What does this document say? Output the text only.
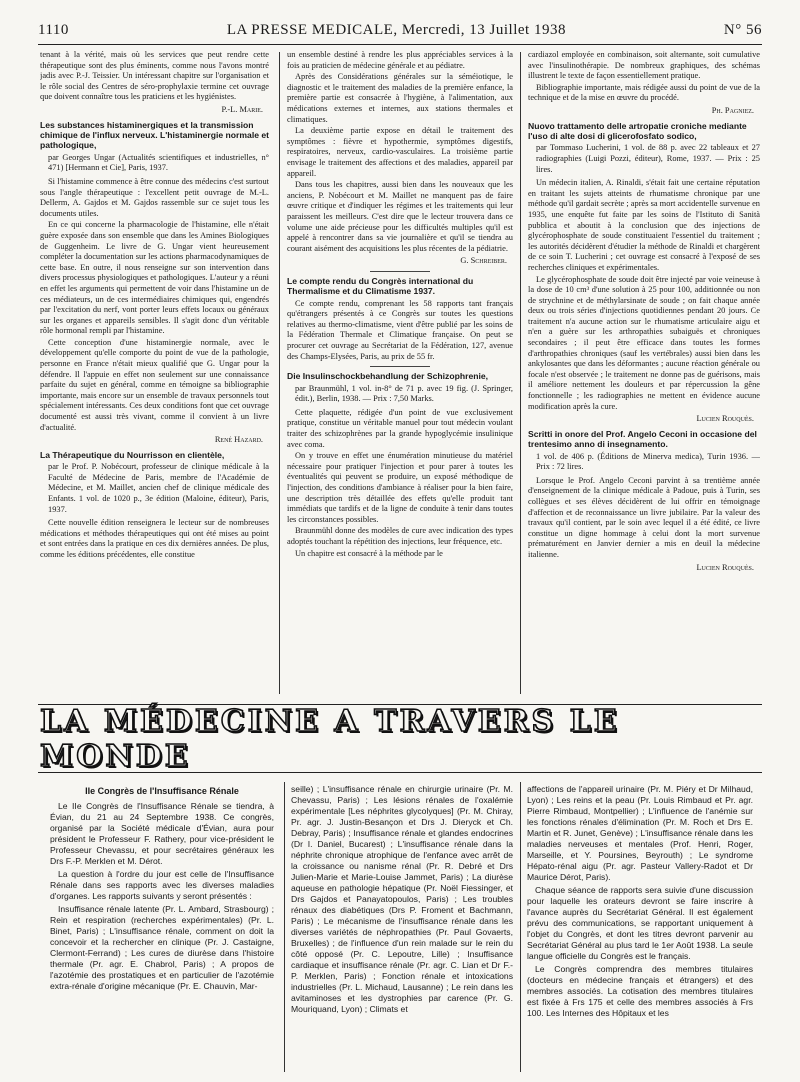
1110	LA PRESSE MEDICALE, Mercredi, 13 Juillet 1938	N° 56

tenant à la vérité, mais où les services que peut rendre cette thérapeutique sont des plus éminents, comme nous l'avons montré jadis avec P.-J. Teissier. Un intéressant chapitre sur l'organisation et le rôle social des Centres de séro-prophylaxie termine cet ouvrage que doivent connaître tous les praticiens et les hygiénistes.

P.-L. Marie.

Les substances histaminergiques et la transmission chimique de l'influx nerveux. L'histaminergie normale et pathologique,

par Georges Ungar (Actualités scientifiques et industrielles, n° 471) [Hermann et Cie], Paris, 1937.

Si l'histamine commence à être connue des médecins c'est surtout sous l'angle thérapeutique : l'excellent petit ouvrage de M.-L. Dellerm, A. Gajdos et M. Gajdos rassemble sur ce sujet tous les documents utiles.

En ce qui concerne la pharmacologie de l'histamine, elle n'était guère exposée dans son ensemble que dans les Amines Biologiques de Guggenheim. Le livre de G. Ungar vient heureusement compléter la documentation sur les actions pharmacodynamiques de cette base. En outre, il nous renseigne sur son intervention dans divers processus physiologiques et pathologiques. L'auteur y a réuni en effet les arguments qui permettent de voir dans l'histamine un de ces médiateurs, un de ces intermédiaires chimiques qui, engendrés par l'excitation du nerf, vont porter leurs effets locaux ou généraux sur les organes et appareils sensibles. Il s'agit donc d'un véritable rôle hormonal rempli par l'histamine.

Cette conception d'une histaminergie normale, avec le développement qu'elle comporte du point de vue de la pathologie, personne en France n'était mieux qualifié que G. Ungar pour la défendre. Il l'appuie en effet non seulement sur une connaissance parfaite du sujet en général, comme en témoigne sa bibliographie importante, mais encore sur un ensemble de travaux personnels tout spécialement intéressants. Ces deux conditions font que cet ouvrage documenté est aussi très vivant, comme il convient à un livre d'actualité.

René Hazard.

La Thérapeutique du Nourrisson en clientèle,

par le Prof. P. Nobécourt, professeur de clinique médicale à la Faculté de Médecine de Paris, membre de l'Académie de Médecine, et M. Maillet, ancien chef de clinique médicale des Enfants. 1 vol. de 1020 p., 3e édition (Maloine, éditeur), Paris, 1937.

Cette nouvelle édition renseignera le lecteur sur de nombreuses médications et méthodes thérapeutiques qui ont été mises au point et sont entrées dans la pratique en ces dix dernières années. De plus, comme les éditions précédentes, elle constitue

un ensemble destiné à rendre les plus appréciables services à la fois au praticien de médecine générale et au pédiatre.

Après des Considérations générales sur la séméiotique, le diagnostic et le traitement des maladies de la première enfance, la première partie est consacrée à l'hygiène, à l'alimentation, aux médications externes et internes, aux stations thermales et climatiques.

La deuxième partie expose en détail le traitement des symptômes : fièvre et hypothermie, symptômes digestifs, respiratoires, nerveux, cardio-vasculaires. La troisième partie envisage le traitement des affections et des maladies, appareil par appareil.

Dans tous les chapitres, aussi bien dans les nouveaux que les anciens, P. Nobécourt et M. Maillet ne manquent pas de faire œuvre critique et d'indiquer les régimes et les traitements qui leur paraissent les meilleurs. C'est dire que le lecteur trouvera dans ce volume une aide précieuse pour les difficultés multiples qu'il est appelé à rencontrer dans sa vie journalière et qu'il se tiendra au courant aisément des acquisitions les plus récentes de la pédiatrie.

G. Schreiber.

Le compte rendu du Congrès international du Thermalisme et du Climatisme 1937.

Ce compte rendu, comprenant les 58 rapports tant français qu'étrangers présentés à ce Congrès sur toutes les questions relatives au thermo-climatisme, vient d'être publié par les soins de la Fédération Thermale et Climatique française. On peut se procurer cet ouvrage au Secrétariat de la Fédération, 127, avenue des Champs-Elysées, Paris, au prix de 55 fr.

Die Insulinschockbehandlung der Schizophrenie,

par Braunmühl, 1 vol. in-8° de 71 p. avec 19 fig. (J. Springer, édit.), Berlin, 1938. — Prix : 7,50 Marks.

Cette plaquette, rédigée d'un point de vue exclusivement pratique, constitue un véritable manuel pour tout médecin voulant traiter des schizophrènes par la grande hypoglycémie insulinique avec coma.

On y trouve en effet une énumération minutieuse du matériel nécessaire pour pratiquer l'injection et pour parer à toutes les éventualités qui peuvent se produire, un exposé méthodique de l'injection, des conditions d'ambiance à réaliser pour la bien faire, une description très détaillée des effets qu'elle produit tant immédiats que tardifs et de la ligne de conduite à tenir dans toutes les circonstances possibles.

Braunmühl donne des modèles de cure avec indication des types adoptés touchant la répétition des injections, leur fréquence, etc.

Un chapitre est consacré à la méthode par le

cardiazol employée en combinaison, soit alternante, soit cumulative avec l'insulinothérapie. De nombreux graphiques, des schémas illustrent le texte de façon essentiellement pratique.

Bibliographie importante, mais rédigée aussi du point de vue de la technique et de la mise en œuvre du procédé.

Ph. Pagniez.

Nuovo trattamento delle artropatie croniche mediante l'uso di alte dosi di glicerofosfato sodico,

par Tommaso Lucherini, 1 vol. de 88 p. avec 22 tableaux et 27 radiographies (Luigi Pozzi, éditeur), Rome, 1937. — Prix : 25 lires.

Un médecin italien, A. Rinaldi, s'était fait une certaine réputation en traitant les sujets atteints de rhumatisme chronique par une méthode qu'il gardait secrète ; après sa mort accidentelle survenue en 1935, une enquête fut faite par les soins de l'Istituto di Sanità pubblica et aboutit à la conclusion que des injections de glycérophosphate de soude constituaient l'essentiel du traitement ; les autorités décidèrent d'étudier la méthode de Rinaldi et chargèrent de ce soin T. Lucherini ; cet ouvrage est consacré à l'exposé de ses recherches cliniques et expérimentales.

Le glycérophosphate de soude doit être injecté par voie veineuse à la dose de 10 cm³ d'une solution à 25 pour 100, additionnée ou non de strychnine et de méthylarsinate de soude ; on fait chaque année deux ou trois séries d'injections quotidiennes pendant 20 jours. Ce traitement n'a aucune action sur le rhumatisme articulaire aigu et n'en a guère sur les arthropathies subaiguës et chroniques secondaires ; il peut être efficace dans toutes les formes d'arthropathies chroniques (sauf les vertébrales) aussi bien dans les ankylosantes que dans les déformantes ; aucune réaction générale ou focale n'est observée ; le traitement ne donne pas de guérisons, mais il améliore nettement les douleurs et par répercussion la gêne fonctionnelle ; les radiographies ne mettent en évidence aucune modification après la cure.

Lucien Rouquès.

Scritti in onore del Prof. Angelo Ceconi in occasione del trentesimo anno di insegnamento.

1 vol. de 406 p. (Éditions de Minerva medica), Turin 1936. — Prix : 72 lires.

Lorsque le Prof. Angelo Ceconi parvint à sa trentième année d'enseignement de la clinique médicale à Padoue, puis à Turin, ses collègues et ses élèves décidèrent de lui offrir en témoignage d'affection et de reconnaissance un livre jubilaire. Par la valeur des travaux qu'il contient, par le soin avec lequel il a été édité, ce livre constitue un digne hommage à celui dont la mort survenue prématurément en Janvier dernier a mis en deuil la médecine italienne.

Lucien Rouquès.

LA MÉDECINE A TRAVERS LE MONDE
IIe Congrès de l'Insuffisance Rénale

Le IIe Congrès de l'Insuffisance Rénale se tiendra, à Évian, du 21 au 24 Septembre 1938. Ce congrès, organisé par la Société médicale d'Évian, aura pour président le Professeur F. Rathery, pour vice-président le Professeur Chevassu, et pour secrétaires généraux les Drs F.-P. Merklen et M. Dérot.

La question à l'ordre du jour est celle de l'Insuffisance Rénale dans ses rapports avec les diverses maladies d'organes. Les rapports suivants y seront présentés :

Insuffisance rénale latente (Pr. L. Ambard, Strasbourg) ; Rein et respiration (recherches expérimentales) (Pr. L. Binet, Paris) ; L'insuffisance rénale, comment on doit la concevoir et la rechercher en clinique (Pr. J. Castaigne, Clermont-Ferrand) ; Les cures de diurèse dans l'histoire thermale (Pr. agr. E. Chabrol, Paris) ; A propos de l'azotémie des prostatiques et en particulier de l'azotémie extra-rénale d'origine mécanique (Pr. E. Chauvin, Mar-

seille) ; L'insuffisance rénale en chirurgie urinaire (Pr. M. Chevassu, Paris) ; Les lésions rénales de l'oxalémie expérimentale [Les néphrites glycolyques] (Pr. M. Chiray, Pr. agr. J. Justin-Besançon et Drs J. Dieryck et Ch. Debray, Paris) ; Insuffisance rénale et glandes endocrines (Dr I. Daniel, Bucarest) ; L'insuffisance rénale dans la néphrite chronique atrophique de l'enfance avec arrêt de la croissance ou nanisme rénal (Pr. R. Debré et Drs Julien-Marie et Marie-Louise Jammet, Paris) ; La diurèse aqueuse en pathologie hépatique (Pr. Noël Fiessinger, et Drs Gajdos et Panayatopoulos, Paris) ; Les troubles rénaux des diabétiques (Drs P. Froment et Bachmann, Paris) ; Le mécanisme de l'insuffisance rénale dans les diverses variétés de néphropathies (Pr. Paul Govaerts, Bruxelles) ; de l'influence d'un rein malade sur le rein du côté opposé (Pr. C. Lepoutre, Lille) ; Insuffisance cardiaque et insuffisance rénale (Pr. agr. C. Lian et Dr F.-P. Merklen, Paris) ; Fonction rénale et intoxications industrielles (Pr. L. Michaud, Lausanne) ; Le rein dans les avitaminoses et les dystrophies par carence (Pr. G. Mouriquand, Lyon) ; Climats et

affections de l'appareil urinaire (Pr. M. Piéry et Dr Milhaud, Lyon) ; Les reins et la peau (Pr. Louis Rimbaud et Pr. agr. Pierre Rimbaud, Montpellier) ; L'influence de l'anémie sur les fonctions rénales d'élimination (Pr. M. Roch et Drs E. Martin et R. Junet, Genève) ; L'insuffisance rénale dans les maladies nerveuses et mentales (Prof. Henri, Roger, Marseille, et Y. Poursines, Beyrouth) ; Le syndrome Hépato-rénal aigu (Pr. agr. Pasteur Vallery-Radot et Dr Maurice Dérot, Paris).

Chaque séance de rapports sera suivie d'une discussion pour laquelle les orateurs devront se faire inscrire à l'avance auprès du Secrétariat Général. Il est également prévu des communications, se rapportant uniquement à l'objet du Congrès, et dont les titres devront parvenir au Secrétariat Général au plus tard le 1er Août 1938. La seule langue officielle du Congrès est le français.

Le Congrès comprendra des membres titulaires (docteurs en médecine français et étrangers) et des membres associés. La cotisation des membres titulaires est fixée à Frs 175 et celle des membres associés à Frs 100. Les Internes des Hôpitaux et les
